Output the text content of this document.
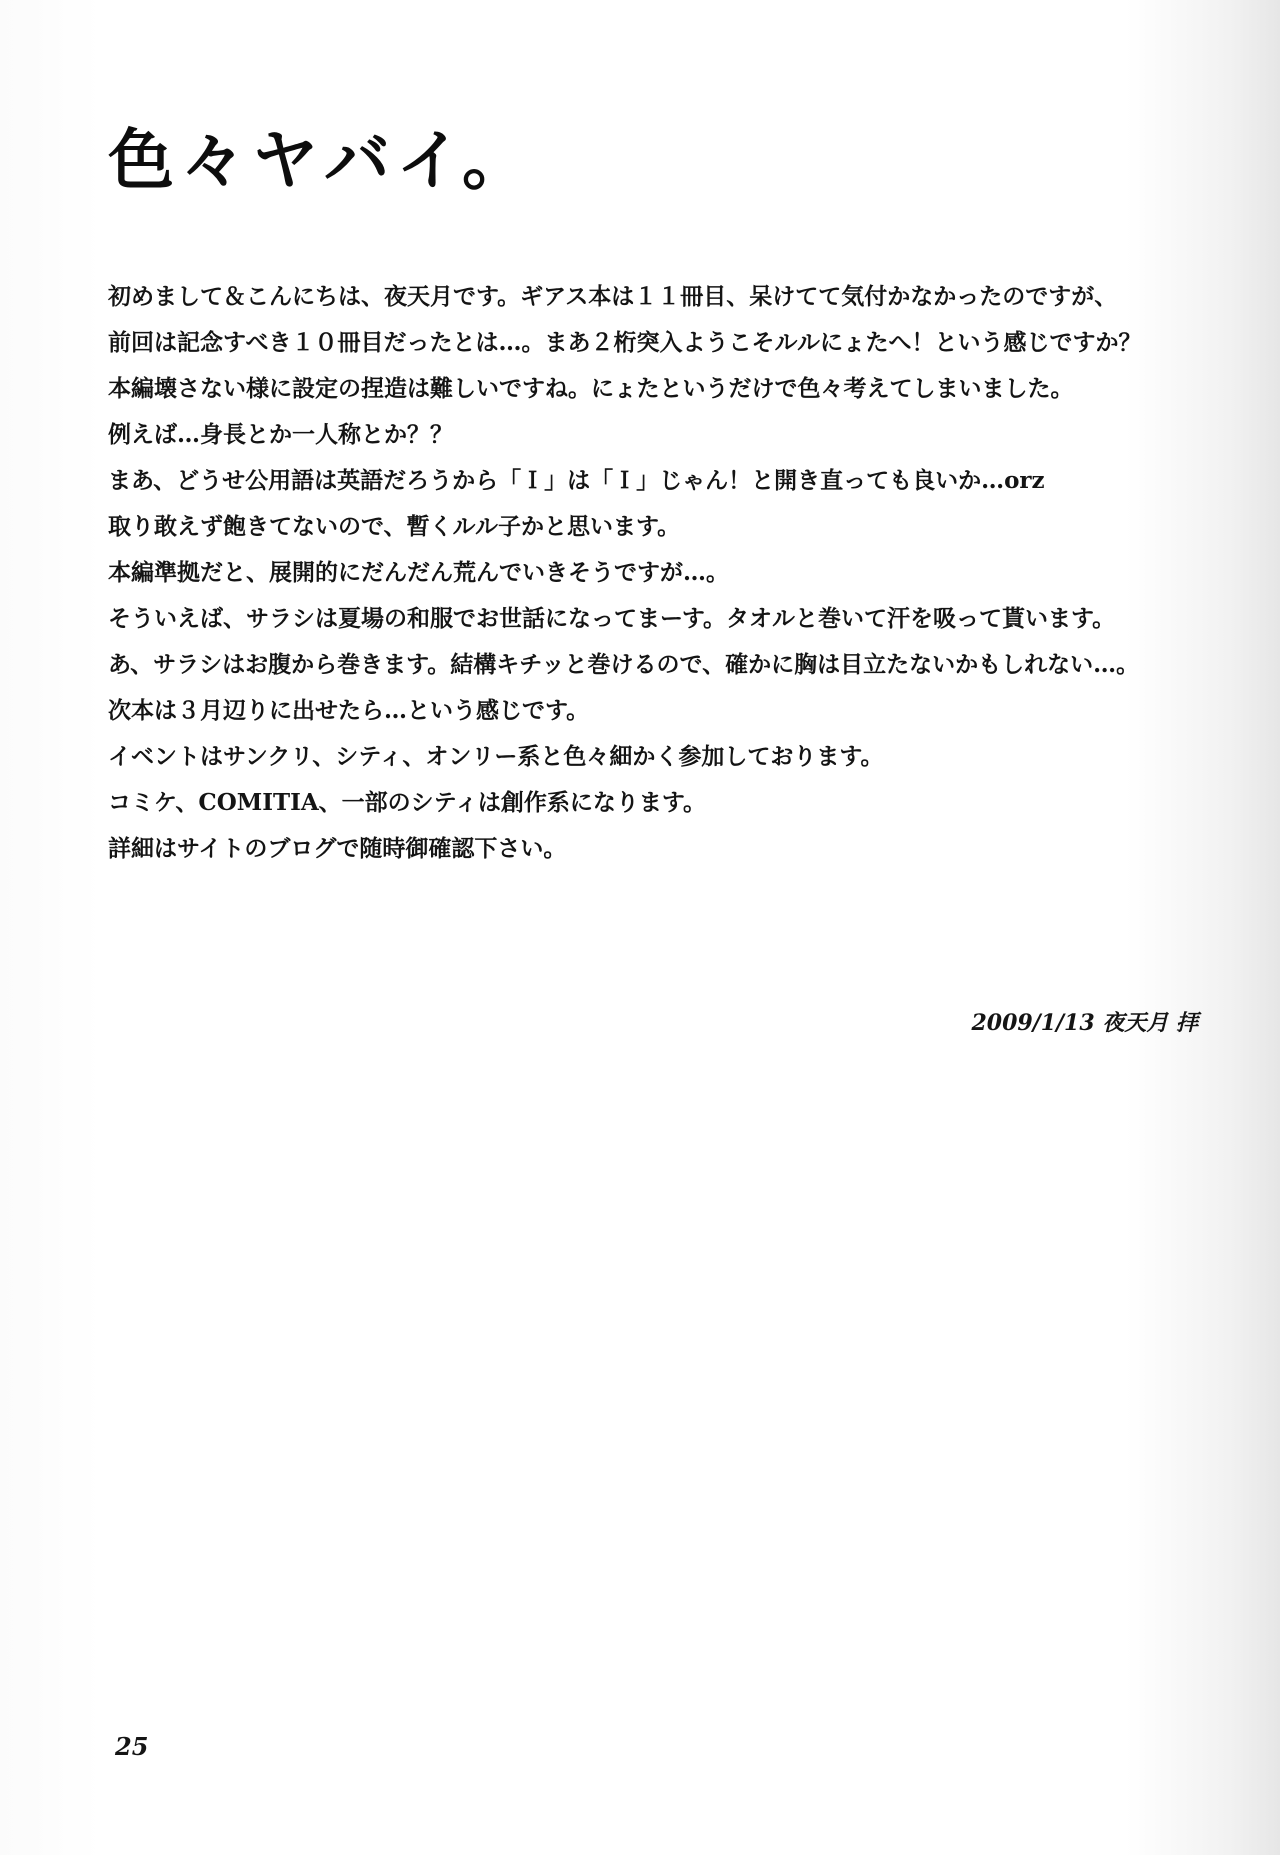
色々ヤバイ。
初めまして＆こんにちは、夜天月です。ギアス本は１１冊目、呆けてて気付かなかったのですが、
前回は記念すべき１０冊目だったとは…。まあ２桁突入ようこそルルにょたへ！という感じですか？
本編壊さない様に設定の捏造は難しいですね。にょたというだけで色々考えてしまいました。
例えば…身長とか一人称とか？？
まあ、どうせ公用語は英語だろうから「Ｉ」は「Ｉ」じゃん！と開き直っても良いか…orz
取り敢えず飽きてないので、暫くルル子かと思います。
本編準拠だと、展開的にだんだん荒んでいきそうですが…。
そういえば、サラシは夏場の和服でお世話になってまーす。タオルと巻いて汗を吸って貰います。
あ、サラシはお腹から巻きます。結構キチッと巻けるので、確かに胸は目立たないかもしれない…。
次本は３月辺りに出せたら…という感じです。
イベントはサンクリ、シティ、オンリー系と色々細かく参加しております。
コミケ、COMITIA、一部のシティは創作系になります。
詳細はサイトのブログで随時御確認下さい。
2009/1/13 夜天月 拝
25
